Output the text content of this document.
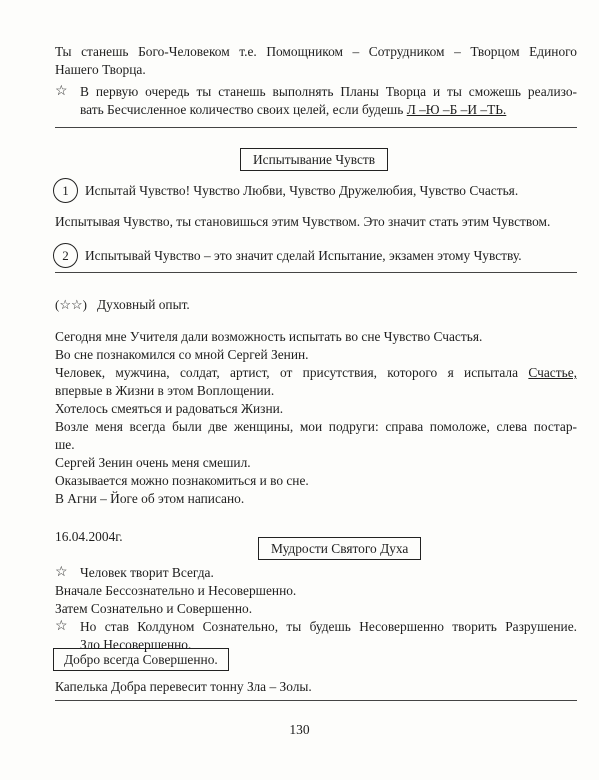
Ты станешь Бого-Человеком т.е. Помощником – Сотрудником – Творцом Единого
Нашего Творца.
☆ В первую очередь ты станешь выполнять Планы Творца и ты сможешь реализо-
вать Бесчисленное количество своих целей, если будешь Л –Ю –Б –И –ТЬ.
Испытывание Чувств
1	Испытай Чувство! Чувство Любви, Чувство Дружелюбия, Чувство Счастья.
Испытывая Чувство, ты становишься этим Чувством. Это значит стать этим Чувством.
2	Испытывай Чувство – это значит сделай Испытание, экзамен этому Чувству.
(☆☆) Духовный опыт.
Сегодня мне Учителя дали возможность испытать во сне Чувство Счастья.
Во сне познакомился со мной Сергей Зенин.
Человек, мужчина, солдат, артист, от присутствия, которого я испытала Счастье,
впервые в Жизни в этом Воплощении.
Хотелось смеяться и радоваться Жизни.
Возле меня всегда были две женщины, мои подруги: справа помоложе, слева постар-
ше.
Сергей Зенин очень меня смешил.
Оказывается можно познакомиться и во сне.
В Агни – Йоге об этом написано.
16.04.2004г.
Мудрости Святого Духа
☆ Человек творит Всегда.
Вначале Бессознательно и Несовершенно.
Затем Сознательно и Совершенно.
☆ Но став Колдуном Сознательно, ты будешь Несовершенно творить Разрушение.
Зло Несовершенно.
Добро всегда Совершенно.
Капелька Добра перевесит тонну Зла – Золы.
130
